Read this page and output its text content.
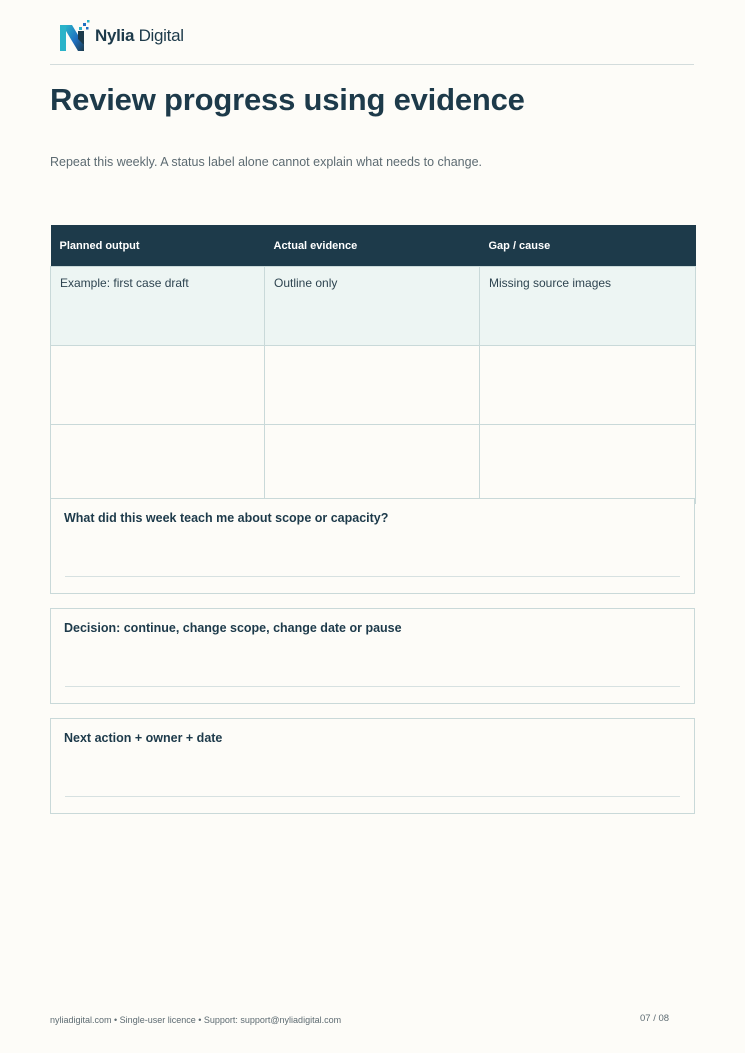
Nylia Digital
Review progress using evidence
Repeat this weekly. A status label alone cannot explain what needs to change.
Planned output	Actual evidence	Gap / cause
Example: first case draft	Outline only	Missing source images

What did this week teach me about scope or capacity?
Decision: continue, change scope, change date or pause
Next action + owner + date
nyliadigital.com • Single-user licence • Support: support@nyliadigital.com	07 / 08
